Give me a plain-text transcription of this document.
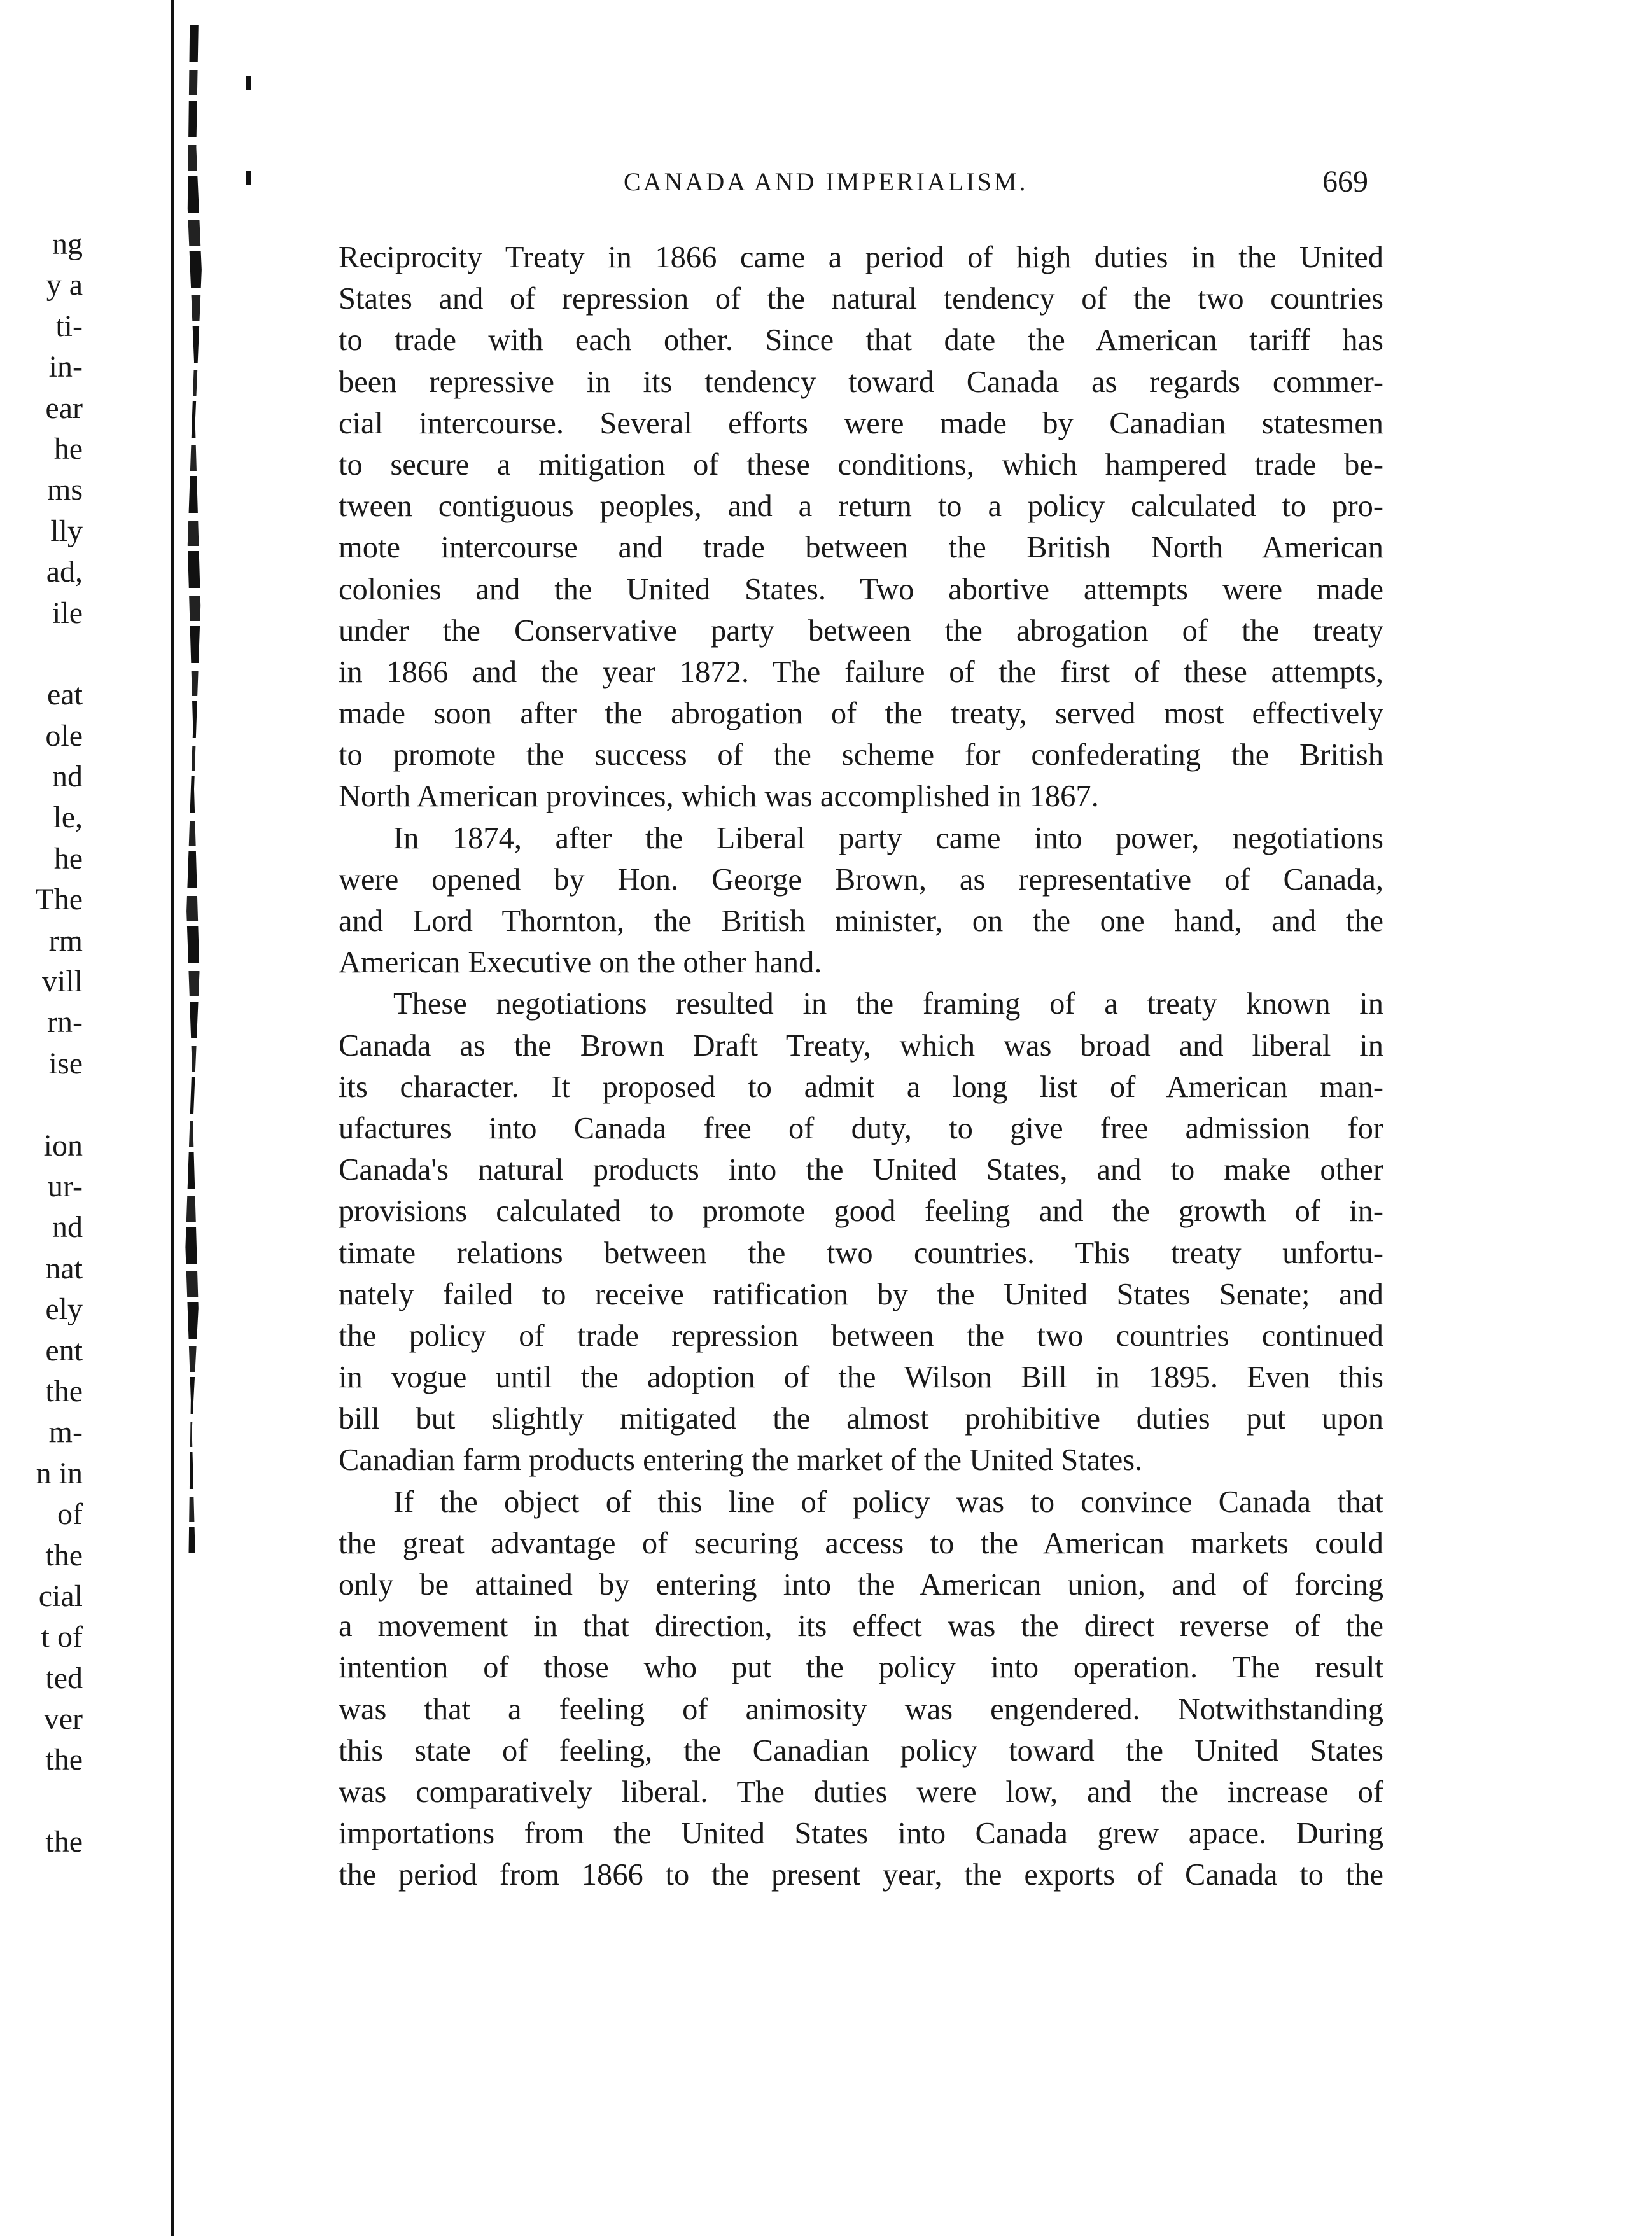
ng
y a
ti-
in-
ear
he
ms
lly
ad,
ile
eat
ole
nd
le,
he
The
rm
vill
rn-
ise
ion
ur-
nd
nat
ely
ent
the
m-
n in
of
the
cial
t of
ted
ver
the
the
CANADA AND IMPERIALISM.	669
Reciprocity Treaty in 1866 came a period of high duties in the United
States and of repression of the natural tendency of the two countries
to trade with each other. Since that date the American tariff has
been repressive in its tendency toward Canada as regards commer-
cial intercourse. Several efforts were made by Canadian statesmen
to secure a mitigation of these conditions, which hampered trade be-
tween contiguous peoples, and a return to a policy calculated to pro-
mote intercourse and trade between the British North American
colonies and the United States. Two abortive attempts were made
under the Conservative party between the abrogation of the treaty
in 1866 and the year 1872. The failure of the first of these attempts,
made soon after the abrogation of the treaty, served most effectively
to promote the success of the scheme for confederating the British
North American provinces, which was accomplished in 1867.
In 1874, after the Liberal party came into power, negotiations
were opened by Hon. George Brown, as representative of Canada,
and Lord Thornton, the British minister, on the one hand, and the
American Executive on the other hand.
These negotiations resulted in the framing of a treaty known in
Canada as the Brown Draft Treaty, which was broad and liberal in
its character. It proposed to admit a long list of American man-
ufactures into Canada free of duty, to give free admission for
Canada's natural products into the United States, and to make other
provisions calculated to promote good feeling and the growth of in-
timate relations between the two countries. This treaty unfortu-
nately failed to receive ratification by the United States Senate; and
the policy of trade repression between the two countries continued
in vogue until the adoption of the Wilson Bill in 1895. Even this
bill but slightly mitigated the almost prohibitive duties put upon
Canadian farm products entering the market of the United States.
If the object of this line of policy was to convince Canada that
the great advantage of securing access to the American markets could
only be attained by entering into the American union, and of forcing
a movement in that direction, its effect was the direct reverse of the
intention of those who put the policy into operation. The result
was that a feeling of animosity was engendered. Notwithstanding
this state of feeling, the Canadian policy toward the United States
was comparatively liberal. The duties were low, and the increase of
importations from the United States into Canada grew apace. During
the period from 1866 to the present year, the exports of Canada to the
